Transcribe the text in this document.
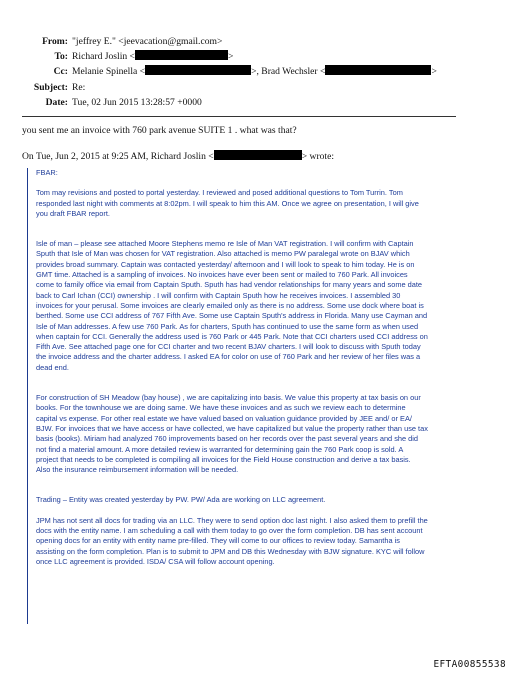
From: "jeffrey E." <jeevacation@gmail.com>
To: Richard Joslin <	>
Cc: Melanie Spinella <	>, Brad Wechsler <	>
Subject: Re:
Date: Tue, 02 Jun 2015 13:28:57 +0000
you sent me an invoice with 760 park avenue SUITE 1 . what was that?
On Tue, Jun 2, 2015 at 9:25 AM, Richard Joslin <	> wrote:

FBAR:

Tom may revisions and posted to portal yesterday. I reviewed and posed additional questions to Tom Turrin. Tom
responded last night with comments at 8:02pm. I will speak to him this AM. Once we agree on presentation, I will give
you draft FBAR report.

Isle of man – please see attached Moore Stephens memo re Isle of Man VAT registration. I will confirm with Captain
Sputh that Isle of Man was chosen for VAT registration. Also attached is memo PW paralegal wrote on BJAV which
provides broad summary. Captain was contacted yesterday/ afternoon and I will look to speak to him today. He is on
GMT time. Attached is a sampling of invoices. No invoices have ever been sent or mailed to 760 Park. All invoices
come to family office via email from Captain Sputh. Sputh has had vendor relationships for many years and some date
back to Carl Ichan (CCI) ownership . I will confirm with Captain Sputh how he receives invoices. I assembled 30
invoices for your perusal. Some invoices are clearly emailed only as there is no address. Some use dock where boat is
berthed. Some use CCI address of 767 Fifth Ave. Some use Captain Sputh's address in Florida. Many use Cayman and
Isle of Man addresses. A few use 760 Park. As for charters, Sputh has continued to use the same form as when used
when captain for CCI. Generally the address used is 760 Park or 445 Park. Note that CCI charters used CCI address on
Fifth Ave. See attached page one for CCI charter and two recent BJAV charters. I will look to discuss with Sputh today
the invoice address and the charter address. I asked EA for color on use of 760 Park and her review of her files was a
dead end.

For construction of SH Meadow (bay house) , we are capitalizing into basis. We value this property at tax basis on our
books. For the townhouse we are doing same. We have these invoices and as such we review each to determine
capital vs expense. For other real estate we have valued based on valuation guidance provided by JEE and/ or EA/
BJW. For invoices that we have access or have collected, we have capitalized but value the property rather than use tax
basis (books). Miriam had analyzed 760 improvements based on her records over the past several years and she did
not find a material amount. A more detailed review is warranted for determining gain the 760 Park coop is sold. A
project that needs to be completed is compiling all invoices for the Field House construction and derive a tax basis.
Also the insurance reimbursement information will be needed.

Trading – Entity was created yesterday by PW. PW/ Ada are working on LLC agreement.

JPM has not sent all docs for trading via an LLC. They were to send option doc last night. I also asked them to prefill the
docs with the entity name. I am scheduling a call with them today to go over the form completion. DB has sent account
opening docs for an entity with entity name pre-filled. They will come to our offices to review today. Samantha is
assisting on the form completion. Plan is to submit to JPM and DB this Wednesday with BJW signature. KYC will follow
once LLC agreement is provided. ISDA/ CSA will follow account opening.

EFTA00855538
